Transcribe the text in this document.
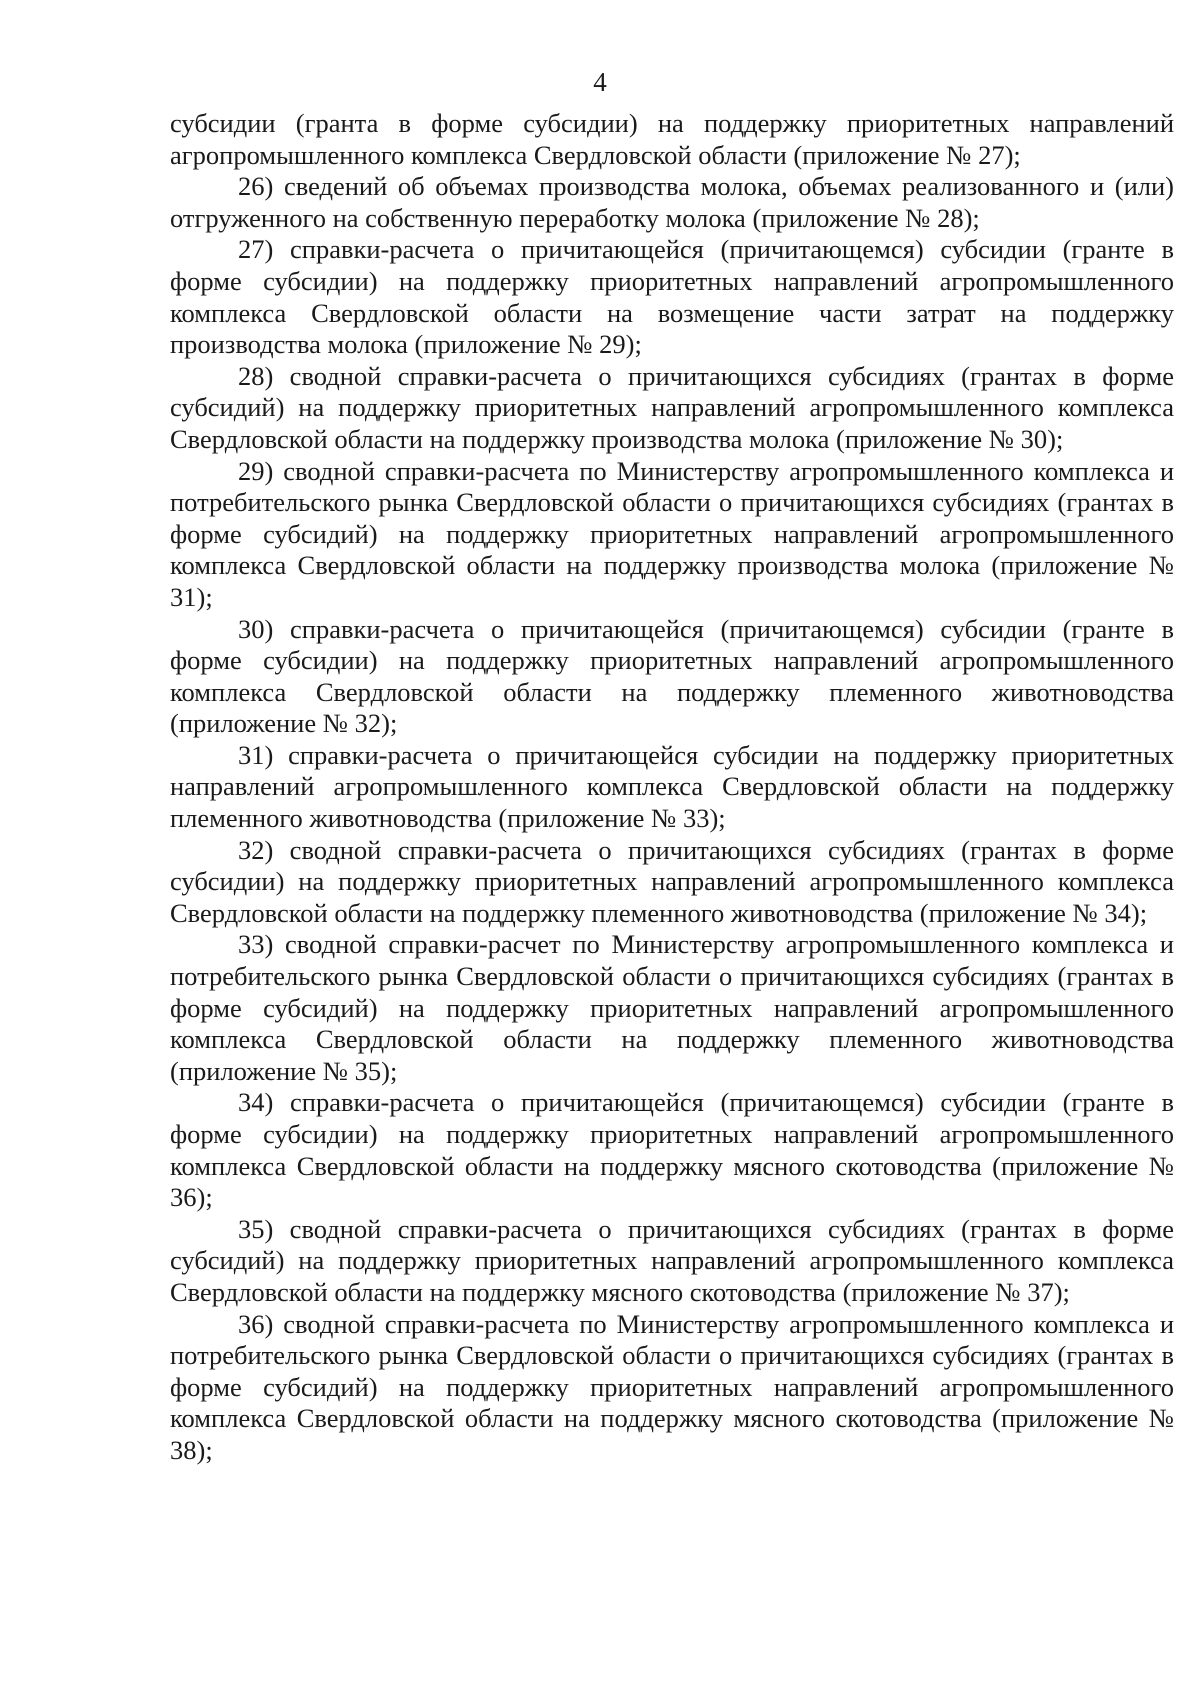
4

субсидии (гранта в форме субсидии) на поддержку приоритетных направлений агропромышленного комплекса Свердловской области (приложение № 27);

26) сведений об объемах производства молока, объемах реализованного и (или) отгруженного на собственную переработку молока (приложение № 28);

27) справки-расчета о причитающейся (причитающемся) субсидии (гранте в форме субсидии) на поддержку приоритетных направлений агропромышленного комплекса Свердловской области на возмещение части затрат на поддержку производства молока (приложение № 29);

28) сводной справки-расчета о причитающихся субсидиях (грантах в форме субсидий) на поддержку приоритетных направлений агропромышленного комплекса Свердловской области на поддержку производства молока (приложение № 30);

29) сводной справки-расчета по Министерству агропромышленного комплекса и потребительского рынка Свердловской области о причитающихся субсидиях (грантах в форме субсидий) на поддержку приоритетных направлений агропромышленного комплекса Свердловской области на поддержку производства молока (приложение № 31);

30) справки-расчета о причитающейся (причитающемся) субсидии (гранте в форме субсидии) на поддержку приоритетных направлений агропромышленного комплекса Свердловской области на поддержку племенного животноводства (приложение № 32);

31) справки-расчета о причитающейся субсидии на поддержку приоритетных направлений агропромышленного комплекса Свердловской области на поддержку племенного животноводства (приложение № 33);

32) сводной справки-расчета о причитающихся субсидиях (грантах в форме субсидии) на поддержку приоритетных направлений агропромышленного комплекса Свердловской области на поддержку племенного животноводства (приложение № 34);

33) сводной справки-расчет по Министерству агропромышленного комплекса и потребительского рынка Свердловской области о причитающихся субсидиях (грантах в форме субсидий) на поддержку приоритетных направлений агропромышленного комплекса Свердловской области на поддержку племенного животноводства (приложение № 35);

34) справки-расчета о причитающейся (причитающемся) субсидии (гранте в форме субсидии) на поддержку приоритетных направлений агропромышленного комплекса Свердловской области на поддержку мясного скотоводства (приложение № 36);

35) сводной справки-расчета о причитающихся субсидиях (грантах в форме субсидий) на поддержку приоритетных направлений агропромышленного комплекса Свердловской области на поддержку мясного скотоводства (приложение № 37);

36) сводной справки-расчета по Министерству агропромышленного комплекса и потребительского рынка Свердловской области о причитающихся субсидиях (грантах в форме субсидий) на поддержку приоритетных направлений агропромышленного комплекса Свердловской области на поддержку мясного скотоводства (приложение № 38);
